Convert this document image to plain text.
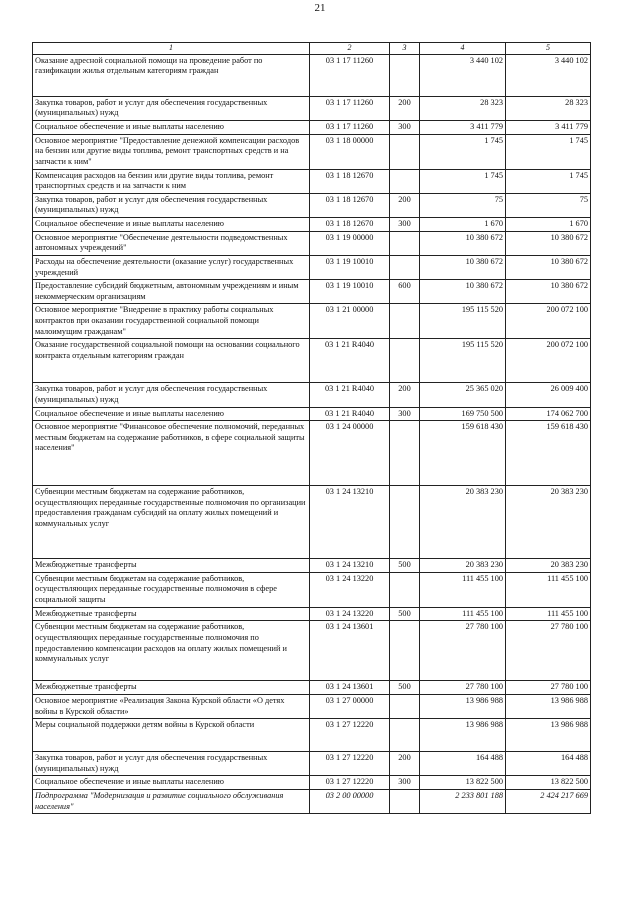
21
1	2	3	4	5
Оказание адресной социальной помощи на проведение работ по газификации жилья отдельным категориям граждан	03 1 17 11260		3 440 102	3 440 102
Закупка товаров, работ и услуг для обеспечения государственных (муниципальных) нужд	03 1 17 11260	200	28 323	28 323
Социальное обеспечение и иные выплаты населению	03 1 17 11260	300	3 411 779	3 411 779
Основное мероприятие "Предоставление денежной компенсации расходов на бензин или другие виды топлива, ремонт транспортных средств и на запчасти к ним"	03 1 18 00000		1 745	1 745
Компенсация расходов на бензин или другие виды топлива, ремонт транспортных средств и на запчасти к ним	03 1 18 12670		1 745	1 745
Закупка товаров, работ и услуг для обеспечения государственных (муниципальных) нужд	03 1 18 12670	200	75	75
Социальное обеспечение и иные выплаты населению	03 1 18 12670	300	1 670	1 670
Основное мероприятие "Обеспечение деятельности подведомственных автономных учреждений"	03 1 19 00000		10 380 672	10 380 672
Расходы на обеспечение деятельности (оказание услуг) государственных учреждений	03 1 19 10010		10 380 672	10 380 672
Предоставление субсидий бюджетным, автономным учреждениям и иным некоммерческим организациям	03 1 19 10010	600	10 380 672	10 380 672
Основное мероприятие "Внедрение в практику работы социальных контрактов при оказании государственной социальной помощи малоимущим гражданам"	03 1 21 00000		195 115 520	200 072 100
Оказание государственной социальной помощи на основании социального контракта отдельным категориям граждан	03 1 21 R4040		195 115 520	200 072 100
Закупка товаров, работ и услуг для обеспечения государственных (муниципальных) нужд	03 1 21 R4040	200	25 365 020	26 009 400
Социальное обеспечение и иные выплаты населению	03 1 21 R4040	300	169 750 500	174 062 700
Основное мероприятие "Финансовое обеспечение полномочий, переданных местным бюджетам на содержание работников, в сфере социальной защиты населения"	03 1 24 00000		159 618 430	159 618 430
Субвенции местным бюджетам на содержание работников, осуществляющих переданные государственные полномочия по организации предоставления гражданам субсидий на оплату жилых помещений и коммунальных услуг	03 1 24 13210		20 383 230	20 383 230
Межбюджетные трансферты	03 1 24 13210	500	20 383 230	20 383 230
Субвенции местным бюджетам на содержание работников, осуществляющих переданные государственные полномочия в сфере социальной защиты	03 1 24 13220		111 455 100	111 455 100
Межбюджетные трансферты	03 1 24 13220	500	111 455 100	111 455 100
Субвенции местным бюджетам на содержание работников, осуществляющих переданные государственные полномочия по предоставлению компенсации расходов на оплату жилых помещений и коммунальных услуг	03 1 24 13601		27 780 100	27 780 100
Межбюджетные трансферты	03 1 24 13601	500	27 780 100	27 780 100
Основное мероприятие «Реализация Закона Курской области «О детях войны в Курской области»	03 1 27 00000		13 986 988	13 986 988
Меры социальной поддержки детям войны в Курской области	03 1 27 12220		13 986 988	13 986 988
Закупка товаров, работ и услуг для обеспечения государственных (муниципальных) нужд	03 1 27 12220	200	164 488	164 488
Социальное обеспечение и иные выплаты населению	03 1 27 12220	300	13 822 500	13 822 500
Подпрограмма "Модернизация и развитие социального обслуживания населения"	03 2 00 00000		2 233 801 188	2 424 217 669
